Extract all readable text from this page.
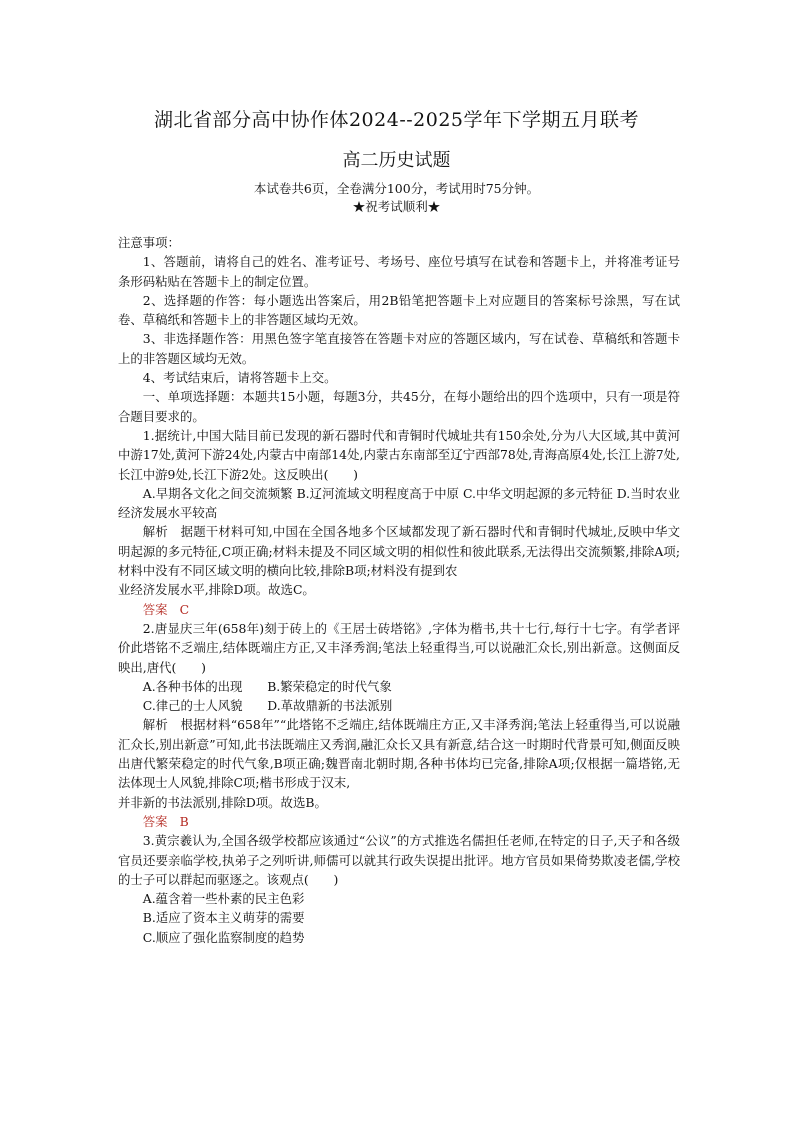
湖北省部分高中协作体2024--2025学年下学期五月联考
高二历史试题
本试卷共6页，全卷满分100分，考试用时75分钟。
★祝考试顺利★

注意事项：

1、答题前，请将自己的姓名、准考证号、考场号、座位号填写在试卷和答题卡上，并将准考证号条形码粘贴在答题卡上的制定位置。

2、选择题的作答：每小题选出答案后，用2B铅笔把答题卡上对应题目的答案标号涂黑，写在试卷、草稿纸和答题卡上的非答题区域均无效。

3、非选择题作答：用黑色签字笔直接答在答题卡对应的答题区域内，写在试卷、草稿纸和答题卡上的非答题区域均无效。

4、考试结束后，请将答题卡上交。

一、单项选择题：本题共15小题，每题3分，共45分，在每小题给出的四个选项中，只有一项是符合题目要求的。

1.据统计,中国大陆目前已发现的新石器时代和青铜时代城址共有150余处,分为八大区域,其中黄河中游17处,黄河下游24处,内蒙古中南部14处,内蒙古东南部至辽宁西部78处,青海高原4处,长江上游7处,长江中游9处,长江下游2处。这反映出(　　)

A.早期各文化之间交流频繁 B.辽河流域文明程度高于中原 C.中华文明起源的多元特征 D.当时农业经济发展水平较高

解析　据题干材料可知,中国在全国各地多个区域都发现了新石器时代和青铜时代城址,反映中华文明起源的多元特征,C项正确;材料未提及不同区域文明的相似性和彼此联系,无法得出交流频繁,排除A项;材料中没有不同区域文明的横向比较,排除B项;材料没有提到农

业经济发展水平,排除D项。故选C。

答案 C

2.唐显庆三年(658年)刻于砖上的《王居士砖塔铭》,字体为楷书,共十七行,每行十七字。有学者评价此塔铭不乏端庄,结体既端庄方正,又丰泽秀润;笔法上轻重得当,可以说融汇众长,别出新意。这侧面反映出,唐代(　　)

A.各种书体的出现　　B.繁荣稳定的时代气象

C.律己的士人风貌　　D.革故鼎新的书法派别

解析　根据材料“658年”“此塔铭不乏端庄,结体既端庄方正,又丰泽秀润;笔法上轻重得当,可以说融汇众长,别出新意”可知,此书法既端庄又秀润,融汇众长又具有新意,结合这一时期时代背景可知,侧面反映出唐代繁荣稳定的时代气象,B项正确;魏晋南北朝时期,各种书体均已完备,排除A项;仅根据一篇塔铭,无法体现士人风貌,排除C项;楷书形成于汉末,

并非新的书法派别,排除D项。故选B。

答案 B

3.黄宗羲认为,全国各级学校都应该通过“公议”的方式推选名儒担任老师,在特定的日子,天子和各级官员还要亲临学校,执弟子之列听讲,师儒可以就其行政失误提出批评。地方官员如果倚势欺凌老儒,学校的士子可以群起而驱逐之。该观点(　　)

A.蕴含着一些朴素的民主色彩

B.适应了资本主义萌芽的需要

C.顺应了强化监察制度的趋势
